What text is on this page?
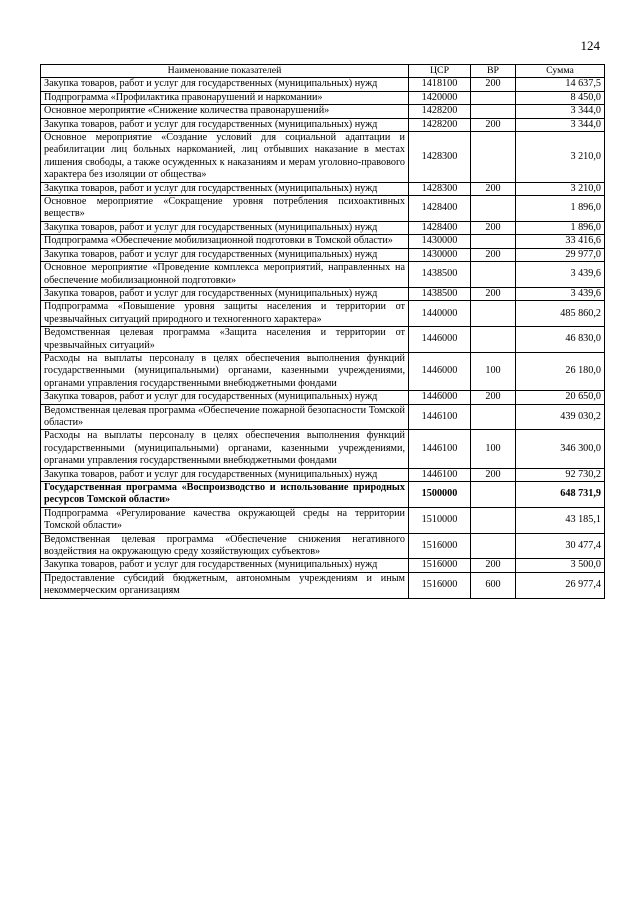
124
Наименование показателей	ЦСР	ВР	Сумма
Закупка товаров, работ и услуг для государственных (муниципальных) нужд	1418100	200	14 637,5
Подпрограмма «Профилактика правонарушений и наркомании»	1420000		8 450,0
Основное мероприятие «Снижение количества правонарушений»	1428200		3 344,0
Закупка товаров, работ и услуг для государственных (муниципальных) нужд	1428200	200	3 344,0
Основное мероприятие «Создание условий для социальной адаптации и реабилитации лиц больных наркоманией, лиц отбывших наказание в местах лишения свободы, а также осужденных к наказаниям и мерам уголовно-правового характера без изоляции от общества»	1428300		3 210,0
Закупка товаров, работ и услуг для государственных (муниципальных) нужд	1428300	200	3 210,0
Основное мероприятие «Сокращение уровня потребления психоактивных веществ»	1428400		1 896,0
Закупка товаров, работ и услуг для государственных (муниципальных) нужд	1428400	200	1 896,0
Подпрограмма «Обеспечение мобилизационной подготовки в Томской области»	1430000		33 416,6
Закупка товаров, работ и услуг для государственных (муниципальных) нужд	1430000	200	29 977,0
Основное мероприятие «Проведение комплекса мероприятий, направленных на обеспечение мобилизационной подготовки»	1438500		3 439,6
Закупка товаров, работ и услуг для государственных (муниципальных) нужд	1438500	200	3 439,6
Подпрограмма «Повышение уровня защиты населения и территории от чрезвычайных ситуаций природного и техногенного характера»	1440000		485 860,2
Ведомственная целевая программа «Защита населения и территории от чрезвычайных ситуаций»	1446000		46 830,0
Расходы на выплаты персоналу в целях обеспечения выполнения функций государственными (муниципальными) органами, казенными учреждениями, органами управления государственными внебюджетными фондами	1446000	100	26 180,0
Закупка товаров, работ и услуг для государственных (муниципальных) нужд	1446000	200	20 650,0
Ведомственная целевая программа «Обеспечение пожарной безопасности Томской области»	1446100		439 030,2
Расходы на выплаты персоналу в целях обеспечения выполнения функций государственными (муниципальными) органами, казенными учреждениями, органами управления государственными внебюджетными фондами	1446100	100	346 300,0
Закупка товаров, работ и услуг для государственных (муниципальных) нужд	1446100	200	92 730,2
Государственная программа «Воспроизводство и использование природных ресурсов Томской области»	1500000		648 731,9
Подпрограмма «Регулирование качества окружающей среды на территории Томской области»	1510000		43 185,1
Ведомственная целевая программа «Обеспечение снижения негативного воздействия на окружающую среду хозяйствующих субъектов»	1516000		30 477,4
Закупка товаров, работ и услуг для государственных (муниципальных) нужд	1516000	200	3 500,0
Предоставление субсидий бюджетным, автономным учреждениям и иным некоммерческим организациям	1516000	600	26 977,4
